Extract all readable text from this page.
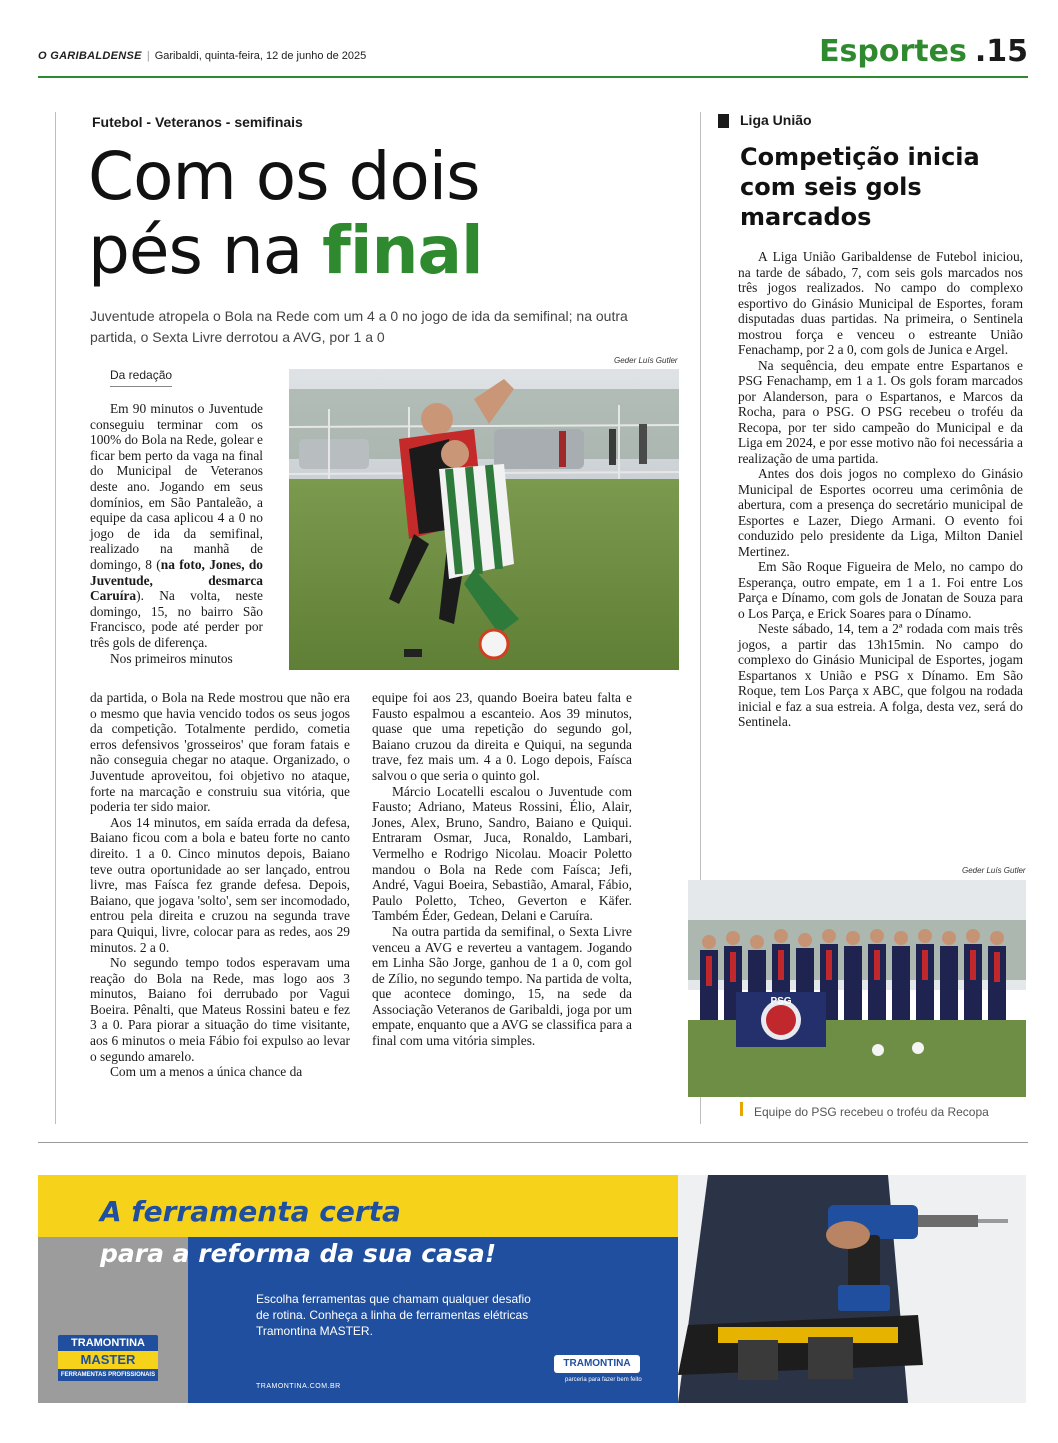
O GARIBALDENSE | Garibaldi, quinta-feira, 12 de junho de 2025	Esportes .15
Futebol - Veteranos - semifinais
Com os dois
pés na final
Juventude atropela o Bola na Rede com um 4 a 0 no jogo de ida da semifinal; na outra partida, o Sexta Livre derrotou a AVG, por 1 a 0
Geder Luís Gutler
Da redação

Em 90 minutos o Juventude conseguiu terminar com os 100% do Bola na Rede, golear e ficar bem perto da vaga na final do Municipal de Veteranos deste ano. Jogando em seus domínios, em São Pantaleão, a equipe da casa aplicou 4 a 0 no jogo de ida da semifinal, realizado na manhã de domingo, 8 (na foto, Jones, do Juventude, desmarca Caruíra). Na volta, neste domingo, 15, no bairro São Francisco, pode até perder por três gols de diferença.

Nos primeiros minutos

da partida, o Bola na Rede mostrou que não era o mesmo que havia vencido todos os seus jogos da competição. Totalmente perdido, cometia erros defensivos 'grosseiros' que foram fatais e não conseguia chegar no ataque. Organizado, o Juventude aproveitou, foi objetivo no ataque, forte na marcação e construiu sua vitória, que poderia ter sido maior.

Aos 14 minutos, em saída errada da defesa, Baiano ficou com a bola e bateu forte no canto direito. 1 a 0. Cinco minutos depois, Baiano teve outra oportunidade ao ser lançado, entrou livre, mas Faísca fez grande defesa. Depois, Baiano, que jogava 'solto', sem ser incomodado, entrou pela direita e cruzou na segunda trave para Quiqui, livre, colocar para as redes, aos 29 minutos. 2 a 0.

No segundo tempo todos esperavam uma reação do Bola na Rede, mas logo aos 3 minutos, Baiano foi derrubado por Vagui Boeira. Pênalti, que Mateus Rossini bateu e fez 3 a 0. Para piorar a situação do time visitante, aos 6 minutos o meia Fábio foi expulso ao levar o segundo amarelo.

Com um a menos a única chance da

equipe foi aos 23, quando Boeira bateu falta e Fausto espalmou a escanteio. Aos 39 minutos, quase que uma repetição do segundo gol, Baiano cruzou da direita e Quiqui, na segunda trave, fez mais um. 4 a 0. Logo depois, Faísca salvou o que seria o quinto gol.

Márcio Locatelli escalou o Juventude com Fausto; Adriano, Mateus Rossini, Élio, Alair, Jones, Alex, Bruno, Sandro, Baiano e Quiqui. Entraram Osmar, Juca, Ronaldo, Lambari, Vermelho e Rodrigo Nicolau. Moacir Poletto mandou o Bola na Rede com Faísca; Jefi, André, Vagui Boeira, Sebastião, Amaral, Fábio, Paulo Poletto, Tcheo, Geverton e Käfer. Também Éder, Gedean, Delani e Caruíra.

Na outra partida da semifinal, o Sexta Livre venceu a AVG e reverteu a vantagem. Jogando em Linha São Jorge, ganhou de 1 a 0, com gol de Zílio, no segundo tempo. Na partida de volta, que acontece domingo, 15, na sede da Associação Veteranos de Garibaldi, joga por um empate, enquanto que a AVG se classifica para a final com uma vitória simples.

Liga União
Competição inicia com seis gols marcados

A Liga União Garibaldense de Futebol iniciou, na tarde de sábado, 7, com seis gols marcados nos três jogos realizados. No campo do complexo esportivo do Ginásio Municipal de Esportes, foram disputadas duas partidas. Na primeira, o Sentinela mostrou força e venceu o estreante União Fenachamp, por 2 a 0, com gols de Junica e Argel.

Na sequência, deu empate entre Espartanos e PSG Fenachamp, em 1 a 1. Os gols foram marcados por Alanderson, para o Espartanos, e Marcos da Rocha, para o PSG. O PSG recebeu o troféu da Recopa, por ter sido campeão do Municipal e da Liga em 2024, e por esse motivo não foi necessária a realização de uma partida.

Antes dos dois jogos no complexo do Ginásio Municipal de Esportes ocorreu uma cerimônia de abertura, com a presença do secretário municipal de Esportes e Lazer, Diego Armani. O evento foi conduzido pelo presidente da Liga, Milton Daniel Mertinez.

Em São Roque Figueira de Melo, no campo do Esperança, outro empate, em 1 a 1. Foi entre Los Parça e Dínamo, com gols de Jonatan de Souza para o Los Parça, e Erick Soares para o Dínamo.

Neste sábado, 14, tem a 2ª rodada com mais três jogos, a partir das 13h15min. No campo do complexo do Ginásio Municipal de Esportes, jogam Espartanos x União e PSG x Dínamo. Em São Roque, tem Los Parça x ABC, que folgou na rodada inicial e faz a sua estreia. A folga, desta vez, será do Sentinela.

Geder Luís Gutler
PSG
Equipe do PSG recebeu o troféu da Recopa
A ferramenta certa
para a reforma da sua casa!
Escolha ferramentas que chamam qualquer desafio de rotina. Conheça a linha de ferramentas elétricas Tramontina MASTER.
TRAMONTINA.COM.BR
TRAMONTINA
parceria para fazer bem feito
TRAMONTINA
MASTER
FERRAMENTAS PROFISSIONAIS
